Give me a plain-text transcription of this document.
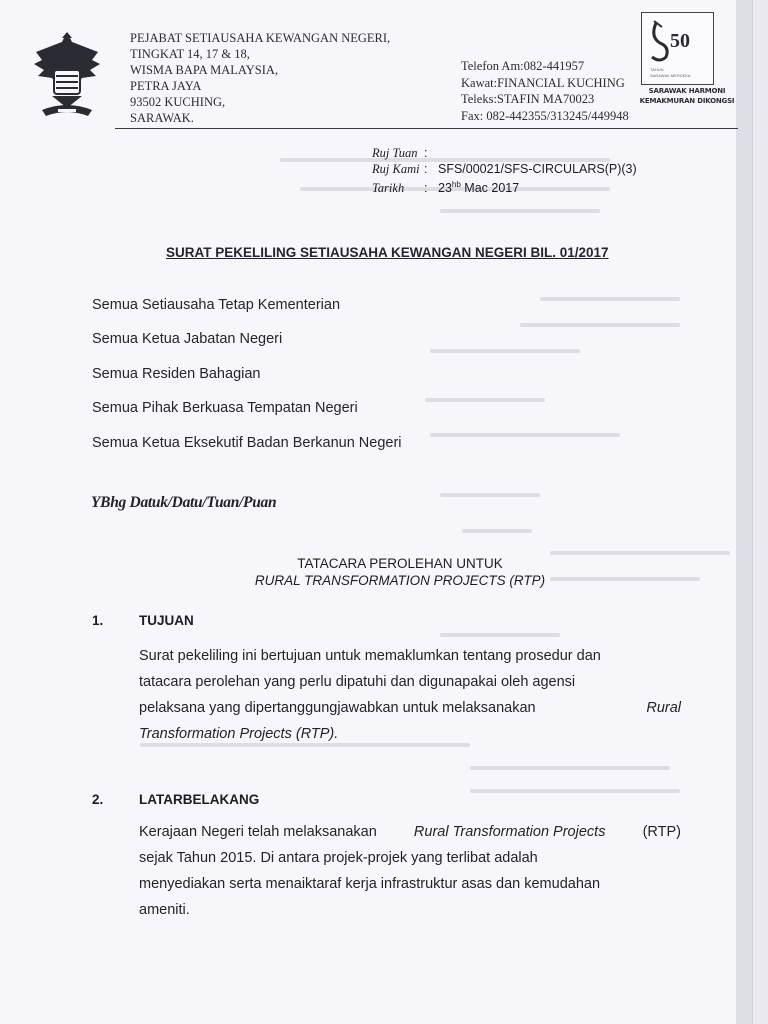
PEJABAT SETIAUSAHA KEWANGAN NEGERI,
TINGKAT 14, 17 & 18,
WISMA BAPA MALAYSIA,
PETRA JAYA
93502 KUCHING,
SARAWAK.
Telefon Am:082-441957
Kawat:FINANCIAL KUCHING
Teleks:STAFIN MA70023
Fax: 082-442355/313245/449948
50
TAHUN
SARAWAK MERDEKA
SARAWAK HARMONI
KEMAKMURAN DIKONGSI
Ruj Tuan :
Ruj Kami : SFS/00021/SFS-CIRCULARS(P)(3)
Tarikh	: $23^{hb}$ Mac 2017
SURAT PEKELILING SETIAUSAHA KEWANGAN NEGERI BIL. 01/2017
Semua Setiausaha Tetap Kementerian
Semua Ketua Jabatan Negeri
Semua Residen Bahagian
Semua Pihak Berkuasa Tempatan Negeri
Semua Ketua Eksekutif Badan Berkanun Negeri
YBhg Datuk/Datu/Tuan/Puan
TATACARA PEROLEHAN UNTUK
RURAL TRANSFORMATION PROJECTS (RTP)
1.	TUJUAN
Surat pekeliling ini bertujuan untuk memaklumkan tentang prosedur dan
tatacara perolehan yang perlu dipatuhi dan digunapakai oleh agensi
pelaksana yang dipertanggungjawabkan untuk melaksanakan	Rural
Transformation Projects (RTP).
2.	LATARBELAKANG
Kerajaan Negeri telah melaksanakan	Rural Transformation Projects	(RTP)
sejak Tahun 2015. Di antara projek-projek yang terlibat adalah
menyediakan serta menaiktaraf kerja infrastruktur asas dan kemudahan
ameniti.
